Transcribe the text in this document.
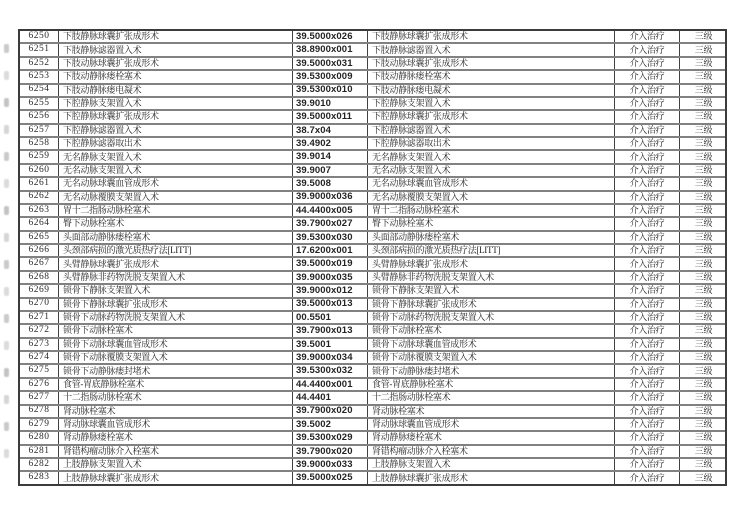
6250	下肢静脉球囊扩张成形术	39.5000x026	下肢静脉球囊扩张成形术	介入治疗	三级
6251	下肢静脉滤器置入术	38.8900x001	下肢静脉滤器置入术	介入治疗	三级
6252	下肢动脉球囊扩张成形术	39.5000x031	下肢动脉球囊扩张成形术	介入治疗	三级
6253	下肢动静脉瘘栓塞术	39.5300x009	下肢动静脉瘘栓塞术	介入治疗	三级
6254	下肢动静脉瘘电凝术	39.5300x010	下肢动静脉瘘电凝术	介入治疗	三级
6255	下腔静脉支架置入术	39.9010	下腔静脉支架置入术	介入治疗	三级
6256	下腔静脉球囊扩张成形术	39.5000x011	下腔静脉球囊扩张成形术	介入治疗	三级
6257	下腔静脉滤器置入术	38.7x04	下腔静脉滤器置入术	介入治疗	三级
6258	下腔静脉滤器取出术	39.4902	下腔静脉滤器取出术	介入治疗	三级
6259	无名静脉支架置入术	39.9014	无名静脉支架置入术	介入治疗	三级
6260	无名动脉支架置入术	39.9007	无名动脉支架置入术	介入治疗	三级
6261	无名动脉球囊血管成形术	39.5008	无名动脉球囊血管成形术	介入治疗	三级
6262	无名动脉覆膜支架置入术	39.9000x036	无名动脉覆膜支架置入术	介入治疗	三级
6263	胃十二指肠动脉栓塞术	44.4400x005	胃十二指肠动脉栓塞术	介入治疗	三级
6264	臀下动脉栓塞术	39.7900x027	臀下动脉栓塞术	介入治疗	三级
6265	头面部动静脉瘘栓塞术	39.5300x030	头面部动静脉瘘栓塞术	介入治疗	三级
6266	头颈部病损的激光质热疗法[LITT]	17.6200x001	头颈部病损的激光质热疗法[LITT]	介入治疗	三级
6267	头臂静脉球囊扩张成形术	39.5000x019	头臂静脉球囊扩张成形术	介入治疗	三级
6268	头臂静脉非药物洗脱支架置入术	39.9000x035	头臂静脉非药物洗脱支架置入术	介入治疗	三级
6269	锁骨下静脉支架置入术	39.9000x012	锁骨下静脉支架置入术	介入治疗	三级
6270	锁骨下静脉球囊扩张成形术	39.5000x013	锁骨下静脉球囊扩张成形术	介入治疗	三级
6271	锁骨下动脉药物洗脱支架置入术	00.5501	锁骨下动脉药物洗脱支架置入术	介入治疗	三级
6272	锁骨下动脉栓塞术	39.7900x013	锁骨下动脉栓塞术	介入治疗	三级
6273	锁骨下动脉球囊血管成形术	39.5001	锁骨下动脉球囊血管成形术	介入治疗	三级
6274	锁骨下动脉覆膜支架置入术	39.9000x034	锁骨下动脉覆膜支架置入术	介入治疗	三级
6275	锁骨下动静脉瘘封堵术	39.5300x032	锁骨下动静脉瘘封堵术	介入治疗	三级
6276	食管-胃底静脉栓塞术	44.4400x001	食管-胃底静脉栓塞术	介入治疗	三级
6277	十二指肠动脉栓塞术	44.4401	十二指肠动脉栓塞术	介入治疗	三级
6278	肾动脉栓塞术	39.7900x020	肾动脉栓塞术	介入治疗	三级
6279	肾动脉球囊血管成形术	39.5002	肾动脉球囊血管成形术	介入治疗	三级
6280	肾动静脉瘘栓塞术	39.5300x029	肾动静脉瘘栓塞术	介入治疗	三级
6281	肾错构瘤动脉介入栓塞术	39.7900x020	肾错构瘤动脉介入栓塞术	介入治疗	三级
6282	上肢静脉支架置入术	39.9000x033	上肢静脉支架置入术	介入治疗	三级
6283	上肢静脉球囊扩张成形术	39.5000x025	上肢静脉球囊扩张成形术	介入治疗	三级
